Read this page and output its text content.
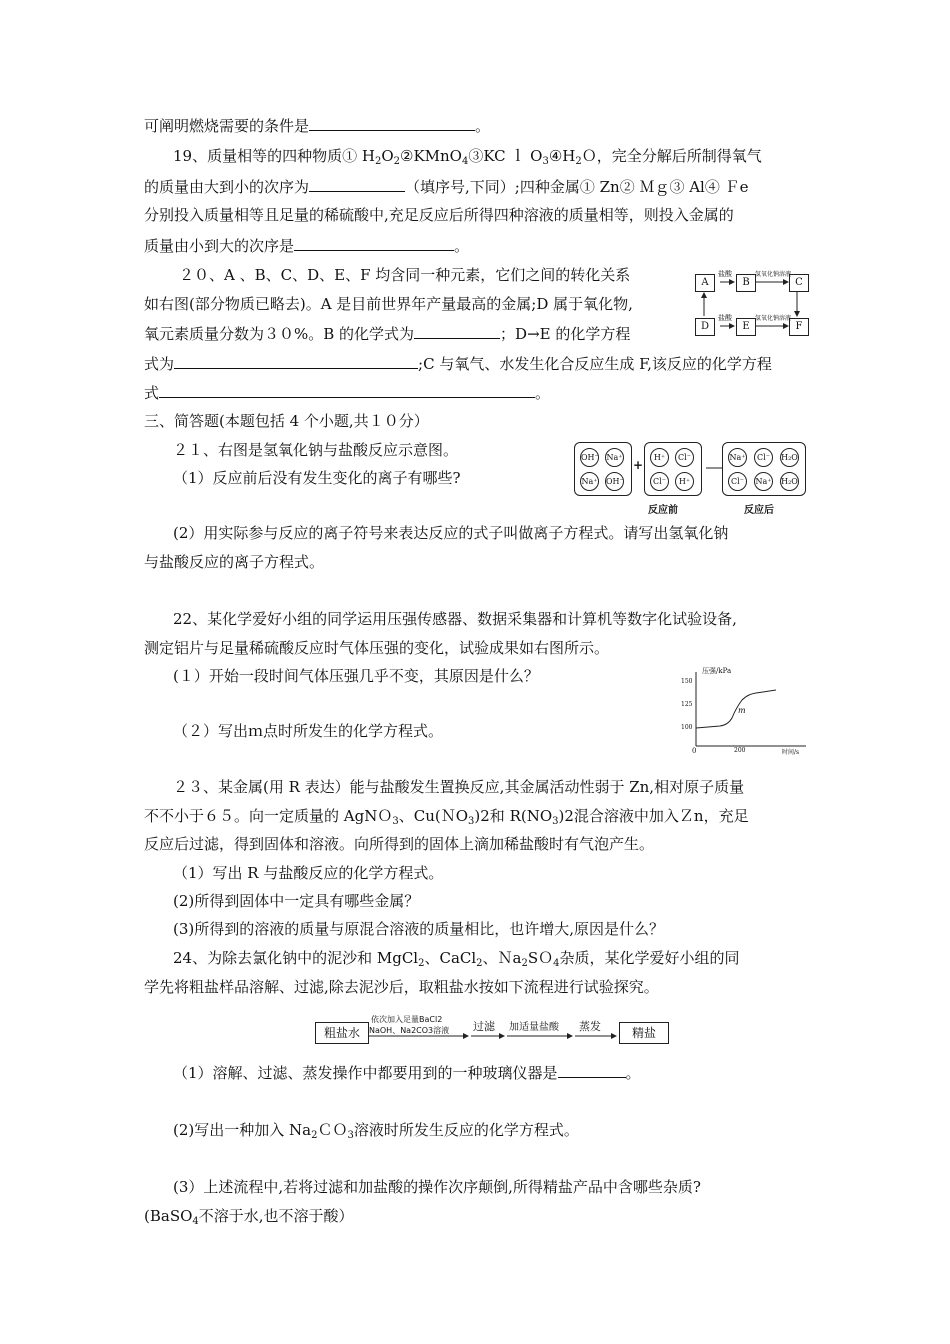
可阐明燃烧需要的条件是	。
19、质量相等的四种物质① $H_2O_2②KMnO_4③KC$ ｌ $O_3④H_2O$，完全分解后所制得氧气
的质量由大到小的次序为	（填序号,下同）;四种金属① Zn② Ｍｇ③ Al④ Ｆe
分别投入质量相等且足量的稀硫酸中,充足反应后所得四种溶液的质量相等，则投入金属的
质量由小到大的次序是	。
２０、A 、B、C、D、E、F 均含同一种元素，它们之间的转化关系
如右图(部分物质已略去)。A 是目前世界年产量最高的金属;D 属于氧化物,
氧元素质量分数为３０%。B 的化学式为	；D→E 的化学方程
式为	;C 与氧气、水发生化合反应生成 F,该反应的化学方程
式	。
三、简答题(本题包括 4 个小题,共１０分）
２１、右图是氢氧化钠与盐酸反应示意图。
（1）反应前后没有发生变化的离子有哪些?
(2）用实际参与反应的离子符号来表达反应的式子叫做离子方程式。请写出氢氧化钠
与盐酸反应的离子方程式。
22、某化学爱好小组的同学运用压强传感器、数据采集器和计算机等数字化试验设备,
测定铝片与足量稀硫酸反应时气体压强的变化，试验成果如右图所示。
(１）开始一段时间气体压强几乎不变，其原因是什么？
（２）写出ｍ点时所发生的化学方程式。
２３、某金属(用 R 表达）能与盐酸发生置换反应,其金属活动性弱于 Zn,相对原子质量
不不小于６５。向一定质量的 AgNＯ$_3$、Cu(ＮO$_3$)2和 $R(NO_3)2$混合溶液中加入Ｚn，充足
反应后过滤，得到固体和溶液。向所得到的固体上滴加稀盐酸时有气泡产生。
（1）写出 R 与盐酸反应的化学方程式。
(2)所得到固体中一定具有哪些金属？
(3)所得到的溶液的质量与原混合溶液的质量相比，也许增大,原因是什么？
24、为除去氯化钠中的泥沙和 MgCl$_2$、CaCl$_2$、Ｎa$_2$SＯ$_4$杂质，某化学爱好小组的同
学先将粗盐样品溶解、过滤,除去泥沙后，取粗盐水按如下流程进行试验探究。
（1）溶解、过滤、蒸发操作中都要用到的一种玻璃仪器是	。
(2)写出一种加入 $Na_2CO_3$溶液时所发生反应的化学方程式。
(3）上述流程中,若将过滤和加盐酸的操作次序颠倒,所得精盐产品中含哪些杂质?
(BaSO$_4$不溶于水,也不溶于酸）
A	B	C
D	E	F
盐酸	氢氧化钠溶液
盐酸	氢氧化钠溶液
OH⁻ Na⁺
Na⁺ OH⁻
+
H⁺	Cl⁻
Cl⁻	H⁺
Na⁺	Cl⁻	H₂O
Cl⁻	Na⁺ H₂O
反应前	反应后
压强/kPa
150
125
100
0	200	时间/s
m
粗盐水
依次加入足量BaCl2
NaOH、Na2CO3溶液 过滤 加适量盐酸 蒸发	精盐
